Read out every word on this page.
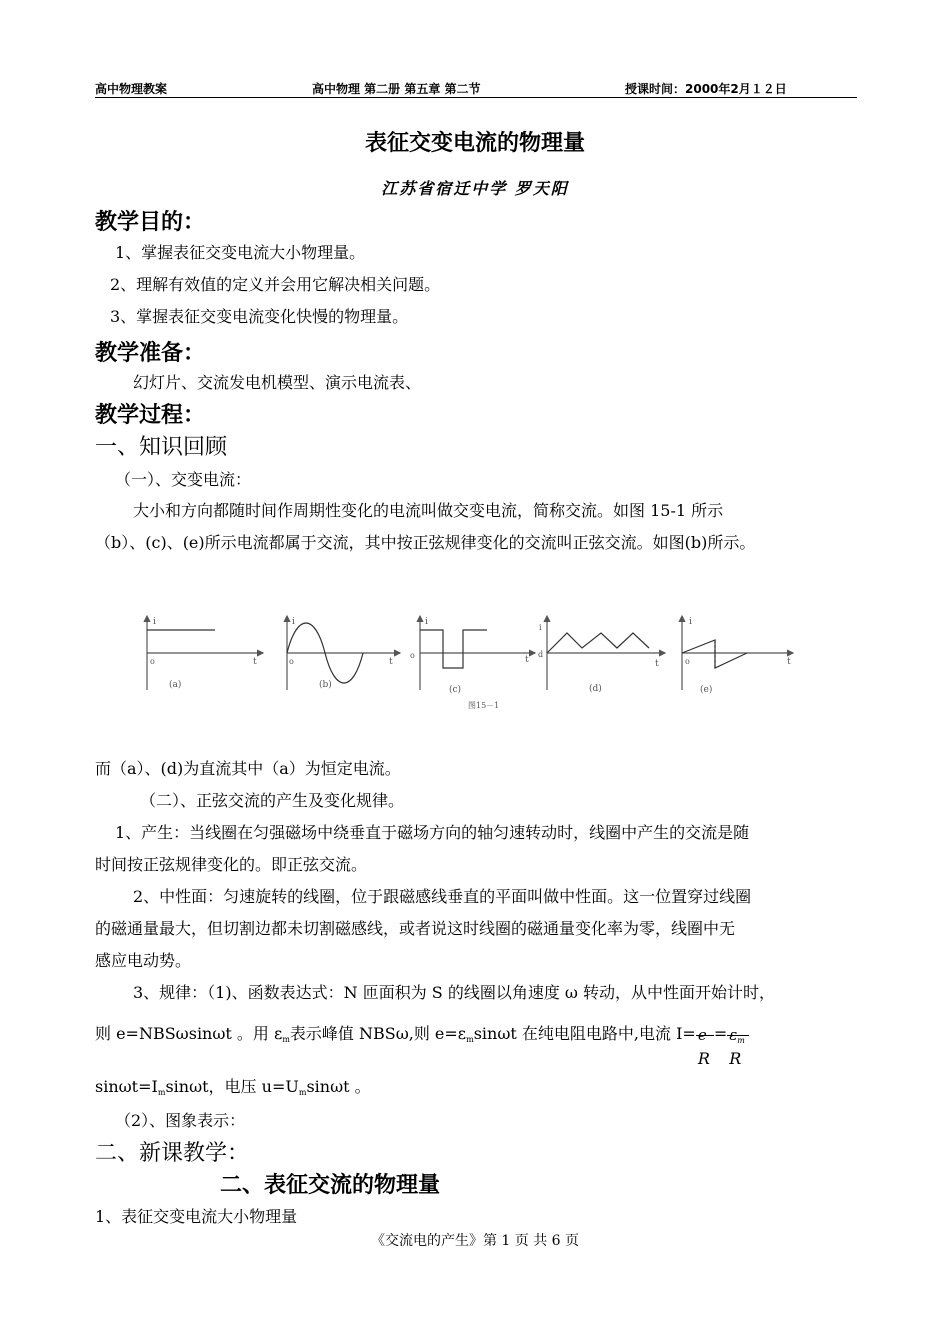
高中物理教案	高中物理 第二册 第五章 第二节	授课时间：2000年2月１２日
表征交变电流的物理量
江苏省宿迁中学 罗天阳
教学目的：
1、掌握表征交变电流大小物理量。
2、理解有效值的定义并会用它解决相关问题。
3、掌握表征交变电流变化快慢的物理量。
教学准备：
幻灯片、交流发电机模型、演示电流表、
教学过程：
一、知识回顾
（一）、交变电流：
大小和方向都随时间作周期性变化的电流叫做交变电流，简称交流。如图 15-1 所示
（b）、(c)、(e)所示电流都属于交流，其中按正弦规律变化的交流叫正弦交流。如图(b)所示。
i
o	t
(a)
i
o	t
(b)
i
o	t
(c)
图15－1
i
d
t
(d)
i
o	t
(e)
而（a）、(d)为直流其中（a）为恒定电流。
（二）、正弦交流的产生及变化规律。
1、产生：当线圈在匀强磁场中绕垂直于磁场方向的轴匀速转动时，线圈中产生的交流是随
时间按正弦规律变化的。即正弦交流。
2、中性面：匀速旋转的线圈，位于跟磁感线垂直的平面叫做中性面。这一位置穿过线圈
的磁通量最大，但切割边都未切割磁感线，或者说这时线圈的磁通量变化率为零，线圈中无
感应电动势。
3、规律：（1)、函数表达式：N 匝面积为 S 的线圈以角速度 ω 转动，从中性面开始计时，
则 e=NBSωsinωt 。用 $\varepsilon_m$表示峰值 NBSω,则 $e=\varepsilon_m\sin\omega t$ 在纯电阻电路中,电流 I= e
R
= $\varepsilon_m$
R
$\sin\omega t=I_m\sin\omega t$，电压 $u=U_m\sin\omega t$ 。
（2）、图象表示：
二、新课教学：
二、表征交流的物理量
1、表征交变电流大小物理量
《交流电的产生》第 1 页 共 6 页
